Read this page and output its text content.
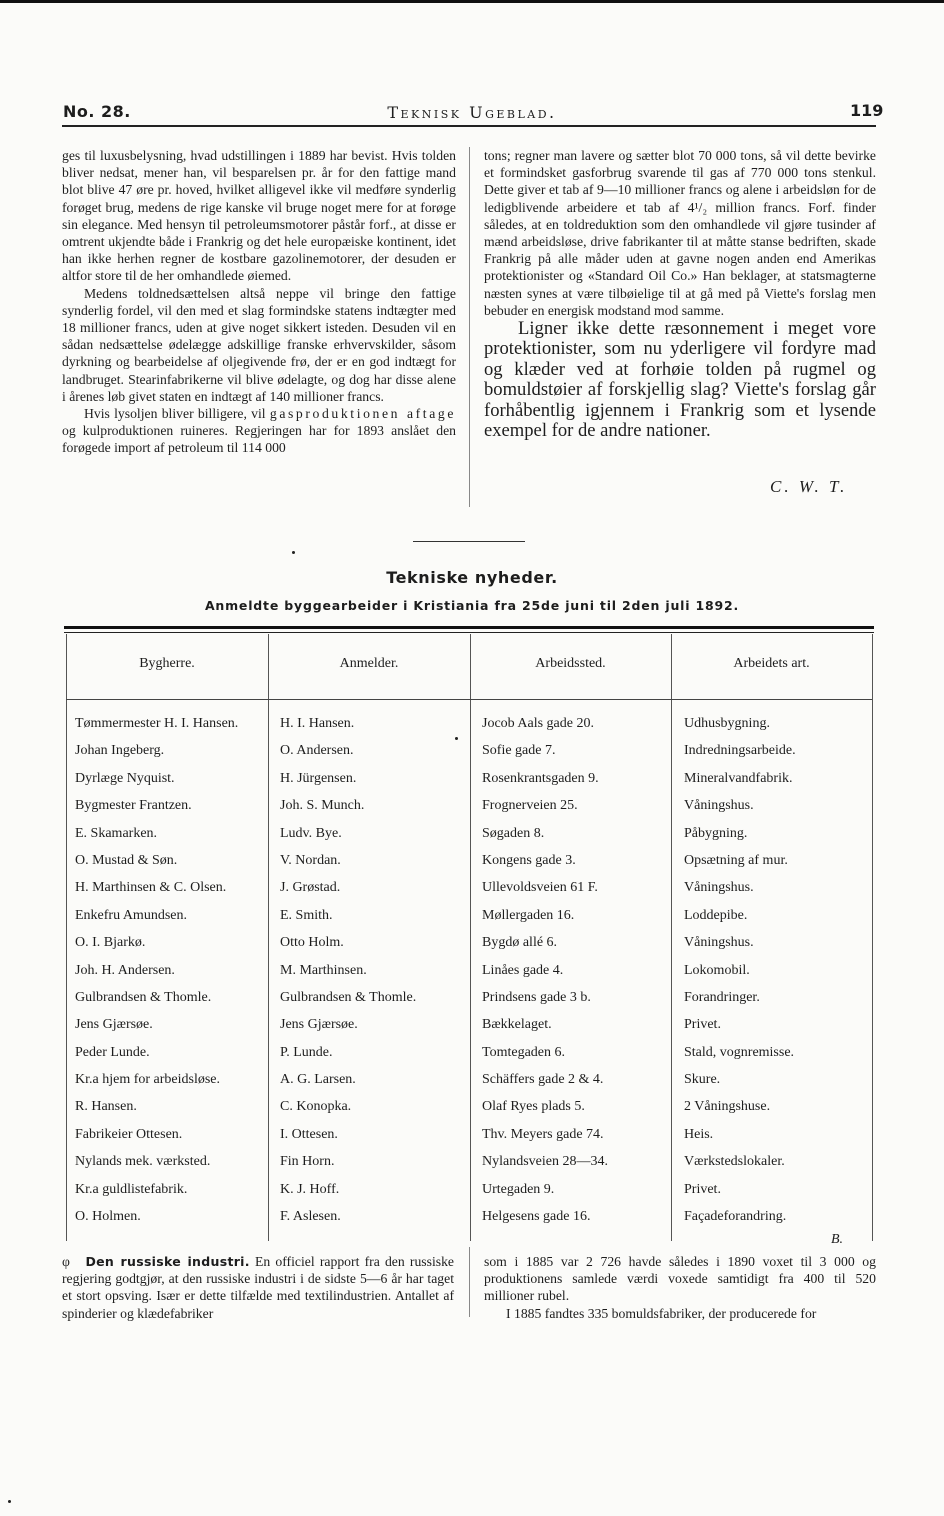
No. 28.	Teknisk Ugeblad.	119

ges til luxusbelysning, hvad udstillingen i 1889 har bevist. Hvis tolden bliver nedsat, mener han, vil besparelsen pr. år for den fattige mand blot blive 47 øre pr. hoved, hvilket alligevel ikke vil medføre synderlig forøget brug, medens de rige kanske vil bruge noget mere for at forøge sin elegance. Med hensyn til petroleumsmotorer påstår forf., at disse er omtrent ukjendte både i Frankrig og det hele europæiske kontinent, idet han ikke herhen regner de kostbare gazolinemotorer, der desuden er altfor store til de her omhandlede øiemed.

Medens toldnedsættelsen altså neppe vil bringe den fattige synderlig fordel, vil den med et slag formindske statens indtægter med 18 millioner francs, uden at give noget sikkert isteden. Desuden vil en sådan nedsættelse ødelægge adskillige franske erhvervskilder, såsom dyrkning og bearbeidelse af oljegivende frø, der er en god indtægt for landbruget. Stearinfabrikerne vil blive ødelagte, og dog har disse alene i årenes løb givet staten en indtægt af 140 millioner francs.

Hvis lysoljen bliver billigere, vil gasproduktionen aftage og kulproduktionen ruineres. Regjeringen har for 1893 anslået den forøgede import af petroleum til 114 000

tons; regner man lavere og sætter blot 70 000 tons, så vil dette bevirke et formindsket gasforbrug svarende til gas af 770 000 tons stenkul. Dette giver et tab af 9—10 millioner francs og alene i arbeidsløn for de ledigblivende arbeidere et tab af 4¹/₂ million francs. Forf. finder således, at en toldreduktion som den omhandlede vil gjøre tusinder af mænd arbeidsløse, drive fabrikanter til at måtte stanse bedriften, skade Frankrig på alle måder uden at gavne nogen anden end Amerikas protektionister og «Standard Oil Co.» Han beklager, at statsmagterne næsten synes at være tilbøielige til at gå med på Viette's forslag men bebuder en energisk modstand mod samme.

Ligner ikke dette ræsonnement i meget vore protektionister, som nu yderligere vil fordyre mad og klæder ved at forhøie tolden på rugmel og bomuldstøier af forskjellig slag? Viette's forslag går forhåbentlig igjennem i Frankrig som et lysende exempel for de andre nationer.

C. W. T.
Tekniske nyheder.
Anmeldte byggearbeider i Kristiania fra 25de juni til 2den juli 1892.
Bygherre.	Anmelder.	Arbeidssted.	Arbeidets art.
Tømmermester H. I. Hansen.	H. I. Hansen.	Jocob Aals gade 20.	Udhusbygning.
Johan Ingeberg.	O. Andersen.	Sofie gade 7.	Indredningsarbeide.
Dyrlæge Nyquist.	H. Jürgensen.	Rosenkrantsgaden 9.	Mineralvandfabrik.
Bygmester Frantzen.	Joh. S. Munch.	Frognerveien 25.	Våningshus.
E. Skamarken.	Ludv. Bye.	Søgaden 8.	Påbygning.
O. Mustad & Søn.	V. Nordan.	Kongens gade 3.	Opsætning af mur.
H. Marthinsen & C. Olsen.	J. Grøstad.	Ullevoldsveien 61 F.	Våningshus.
Enkefru Amundsen.	E. Smith.	Møllergaden 16.	Loddepibe.
O. I. Bjarkø.	Otto Holm.	Bygdø allé 6.	Våningshus.
Joh. H. Andersen.	M. Marthinsen.	Linåes gade 4.	Lokomobil.
Gulbrandsen & Thomle.	Gulbrandsen & Thomle.	Prindsens gade 3 b.	Forandringer.
Jens Gjærsøe.	Jens Gjærsøe.	Bækkelaget.	Privet.
Peder Lunde.	P. Lunde.	Tomtegaden 6.	Stald, vognremisse.
Kr.a hjem for arbeidsløse.	A. G. Larsen.	Schäffers gade 2 & 4.	Skure.
R. Hansen.	C. Konopka.	Olaf Ryes plads 5.	2 Våningshuse.
Fabrikeier Ottesen.	I. Ottesen.	Thv. Meyers gade 74.	Heis.
Nylands mek. værksted.	Fin Horn.	Nylandsveien 28—34.	Værkstedslokaler.
Kr.a guldlistefabrik.	K. J. Hoff.	Urtegaden 9.	Privet.
O. Holmen.	F. Aslesen.	Helgesens gade 16.	Façadeforandring.
B.

φ Den russiske industri. En officiel rapport fra den russiske regjering godtgjør, at den russiske industri i de sidste 5—6 år har taget et stort opsving. Især er dette tilfælde med textilindustrien. Antallet af spinderier og klædefabriker

som i 1885 var 2 726 havde således i 1890 voxet til 3 000 og produktionens samlede værdi voxede samtidigt fra 400 til 520 millioner rubel.

I 1885 fandtes 335 bomuldsfabriker, der producerede for
